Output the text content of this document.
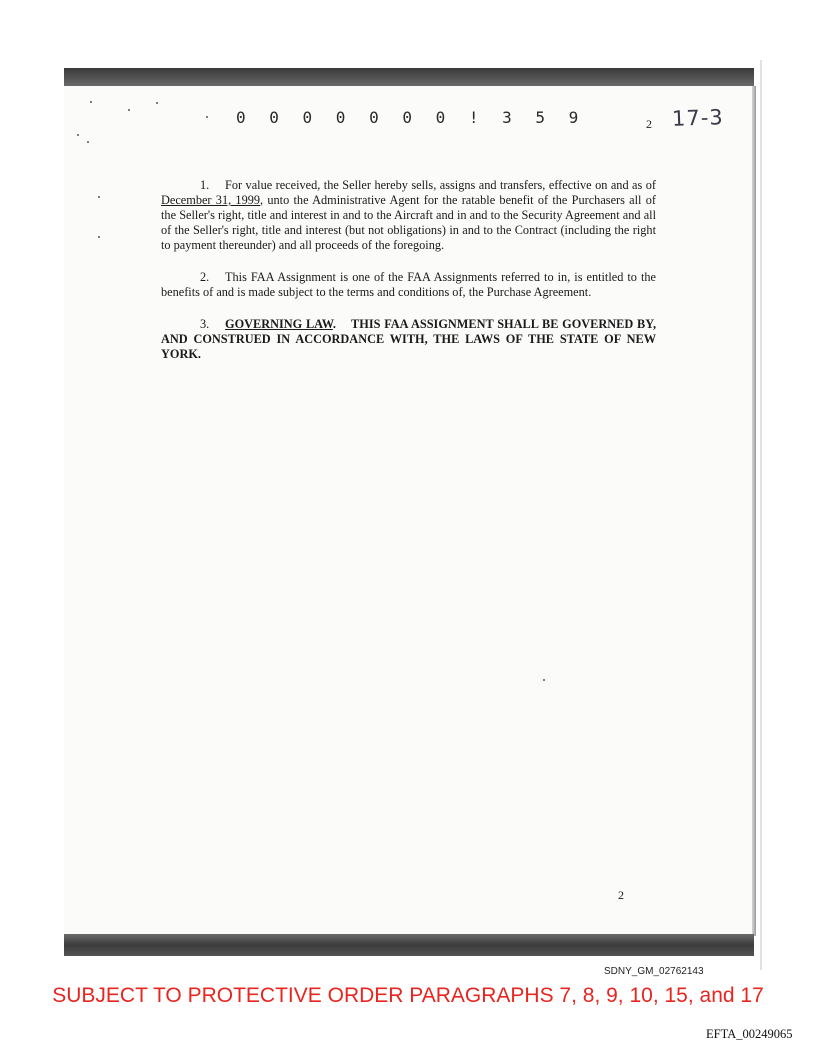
0 0 0 0 0 0 0 ! 3 5 9	2 17-3

1. For value received, the Seller hereby sells, assigns and transfers, effective on and as of December 31, 1999, unto the Administrative Agent for the ratable benefit of the Purchasers all of the Seller's right, title and interest in and to the Aircraft and in and to the Security Agreement and all of the Seller's right, title and interest (but not obligations) in and to the Contract (including the right to payment thereunder) and all proceeds of the foregoing.

2. This FAA Assignment is one of the FAA Assignments referred to in, is entitled to the benefits of and is made subject to the terms and conditions of, the Purchase Agreement.

3. GOVERNING LAW. THIS FAA ASSIGNMENT SHALL BE GOVERNED BY, AND CONSTRUED IN ACCORDANCE WITH, THE LAWS OF THE STATE OF NEW YORK.

2
SDNY_GM_02762143
SUBJECT TO PROTECTIVE ORDER PARAGRAPHS 7, 8, 9, 10, 15, and 17
EFTA_00249065
